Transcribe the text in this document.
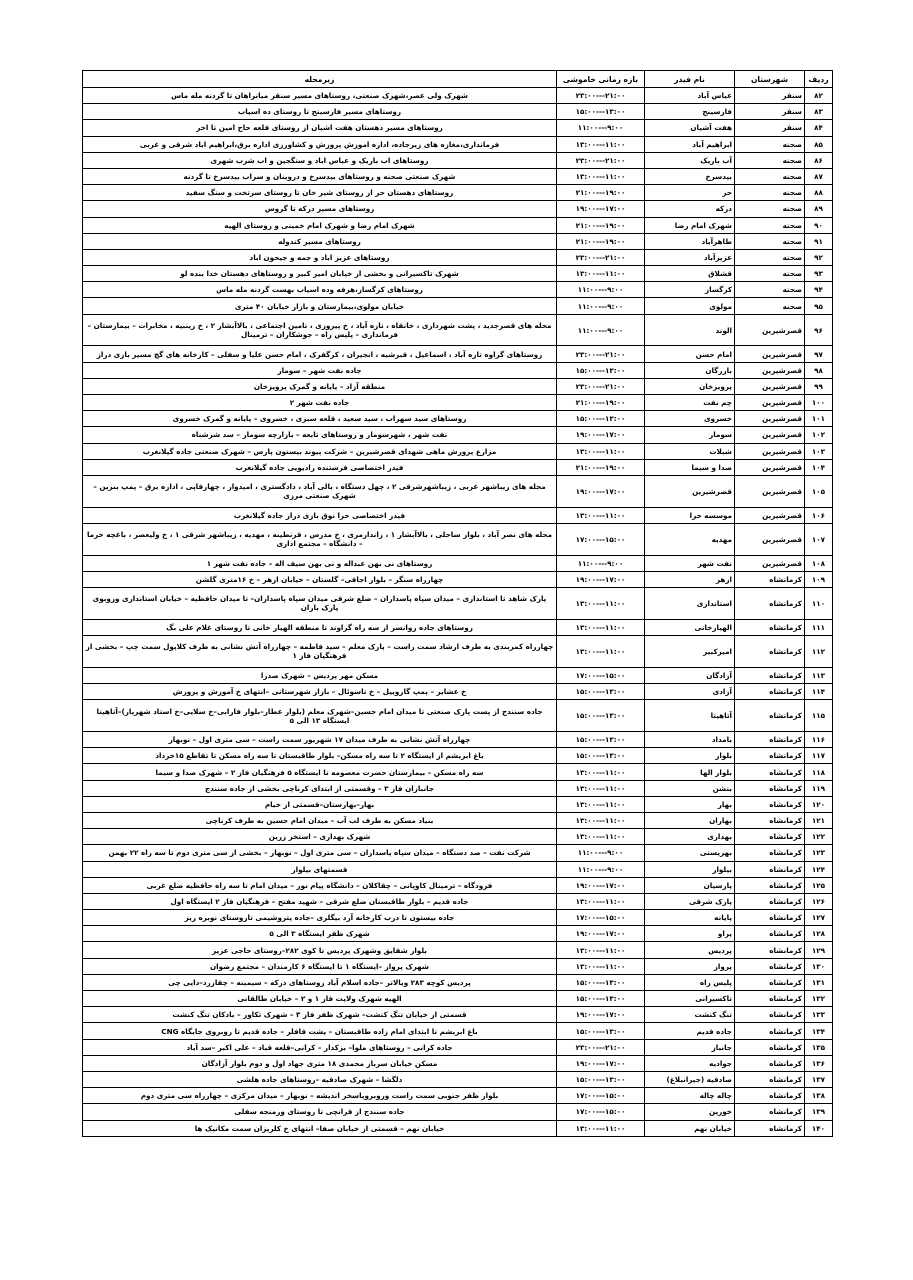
ردیف	شهرستان	نام فیدر	بازه زمانی خاموشی	زیرمحله
۸۲	سنقر	عباس آباد	۲۱:۰۰---۲۳:۰۰	شهرک ولی عصر،شهرک صنعتی، روستاهای مسیر سنقر میانراهان تا گردنه مله ماس
۸۳	سنقر	فارسینج	۱۳:۰۰---۱۵:۰۰	روستاهای مسیر فارسینج تا روستای ده اسیاب
۸۴	سنقر	هفت آشیان	۹:۰۰---۱۱:۰۰	روستاهای مسیر دهستان هفت اشیان از روستای قلعه حاج امین تا اخر
۸۵	صحنه	ابراهیم آباد	۱۱:۰۰---۱۳:۰۰	فرمانداری،مغازه های زیرجاده، اداره اموزش پرورش و کشاورزی اداره برق،ابراهیم اباد شرقی و غربی
۸۶	صحنه	آب باریک	۲۱:۰۰---۲۳:۰۰	روستاهای اب باریک و عباس اباد و سنگجین و اب شرب شهری
۸۷	صحنه	بیدسرخ	۱۱:۰۰---۱۳:۰۰	شهرک صنعتی صحنه و روستاهای بیدسرخ و دروینان و سراب بیدسرخ تا گردنه
۸۸	صحنه	حر	۱۹:۰۰---۲۱:۰۰	روستاهای دهستان حر از روستای شیر خان تا روستای سرتخت و سنگ سفید
۸۹	صحنه	درکه	۱۷:۰۰---۱۹:۰۰	روستاهای مسیر درکه تا گروس
۹۰	صحنه	شهرک امام رضا	۱۹:۰۰---۲۱:۰۰	شهرک امام رضا و شهرک امام خمینی و روستای الهیه
۹۱	صحنه	طاهرآباد	۱۹:۰۰---۲۱:۰۰	روستاهای مسیر کندوله
۹۲	صحنه	عزیزآباد	۲۱:۰۰---۲۳:۰۰	روستاهای عزیز اباد و جمه و جیحون اباد
۹۳	صحنه	قشلاق	۱۱:۰۰---۱۳:۰۰	شهرک تاکسیرانی و بخشی از خیابان امیر کبیر و روستاهای دهستان خدا بنده لو
۹۴	صحنه	کرگساز	۹:۰۰---۱۱:۰۰	روستاهای کرگساز،هرفه وده اسیاب بهست گردنه مله ماس
۹۵	صحنه	مولوی	۹:۰۰---۱۱:۰۰	خیابان مولوی،بیمارستان و بازار خیابان ۴۰ متری
۹۶	قصرشیرین	الوند	۹:۰۰---۱۱:۰۰	محله های قصرجدید ، پشت شهرداری ، خانقاه ، تازه آباد ، خ پیروزی ، تامین اجتماعی ، بالاآبشار ۲ ، خ زینبیه ، مخابرات – بیمارستان – فرمانداری – پلیس راه – جوشکاران – ترمینال
۹۷	قصرشیرین	امام حسن	۲۱:۰۰---۲۳:۰۰	روستاهای گراوه تازه آباد ، اسماعیل ، قبرشیه ، انجیران ، کرگفرک ، امام حسن علیا و سفلی – کارخانه های گچ مسیر بازی دراز
۹۸	قصرشیرین	بازرگان	۱۳:۰۰---۱۵:۰۰	جاده نفت شهر – سومار
۹۹	قصرشیرین	پرویزخان	۲۱:۰۰---۲۳:۰۰	منطقه آزاد – پایانه و گمرک پرویزخان
۱۰۰	قصرشیرین	چم نفت	۱۹:۰۰---۲۱:۰۰	جاده نفت شهر ۲
۱۰۱	قصرشیرین	خسروی	۱۳:۰۰---۱۵:۰۰	روستاهای سید سهراب ، سید سعید ، قلعه سبزی ، خسروی – پایانه و گمرک خسروی
۱۰۲	قصرشیرین	سومار	۱۷:۰۰---۱۹:۰۰	نفت شهر ، شهرسومار و روستاهای تابعه – بازارچه سومار – سد شرشناه
۱۰۳	قصرشیرین	شیلات	۱۱:۰۰---۱۳:۰۰	مزارع پرورش ماهی شهدای قصرشیرین – شرکت پیوند بیستون پارس – شهرک صنعتی جاده گیلانغرب
۱۰۴	قصرشیرین	صدا و سیما	۱۹:۰۰---۲۱:۰۰	فیدر اختصاصی فرستنده رادیویی جاده گیلانغرب
۱۰۵	قصرشیرین	قصرشیرین	۱۷:۰۰---۱۹:۰۰	محله های زیباشهر غربی ، زیباشهرشرقی ۲ ، چهل دستگاه ، بالی آباد ، دادگستری ، امیدوار ، چهارقاپی ، اداره برق – پمپ بنزین – شهرک صنعتی مرزی
۱۰۶	قصرشیرین	موسسه حرا	۱۱:۰۰---۱۳:۰۰	فیدر اختصاصی حرا نوق بازی دراز جاده گیلانغرب
۱۰۷	قصرشیرین	مهدیه	۱۵:۰۰---۱۷:۰۰	محله های نصر آباد ، بلوار ساحلی ، بالاآبشار ۱ ، زاندارمری ، خ مدرس ، قرنطینه ، مهدیه ، زیباشهر شرقی ۱ ، خ ولیعصر ، باغچه خرما – دانشگاه – مجتمع اداری
۱۰۸	قصرشیرین	نفت شهر	۹:۰۰---۱۱:۰۰	روستاهای نی بهن عبداله و نی بهن سیف اله – جاده نفت شهر ۱
۱۰۹	کرمانشاه	ازهر	۱۷:۰۰---۱۹:۰۰	چهارراه سنگر – بلوار اجاقی– گلستان – خیابان ازهر – خ ۱۶متری گلشن
۱۱۰	کرمانشاه	استانداری	۱۱:۰۰---۱۳:۰۰	پارک شاهد تا استانداری – میدان سپاه پاسداران – ضلع شرقی میدان سپاه پاسداران– تا میدان حافظیه – خیابان استانداری وروبوی پارک باران
۱۱۱	کرمانشاه	الهیارخانی	۱۱:۰۰---۱۳:۰۰	روستاهای جاده روانسر از سه راه گراوند تا منطقه الهیار خانی تا روستای غلام علی بگ
۱۱۲	کرمانشاه	امیرکبیر	۱۱:۰۰---۱۳:۰۰	چهارراه کمربندی به طرف ارشاد سمت راست – پارک معلم – سید فاطمه – چهارراه آتش نشانی به طرف کلاپول سمت چپ – بخشی از فرهنگیان فاز ۱
۱۱۳	کرمانشاه	آزادگان	۱۵:۰۰---۱۷:۰۰	مسکن مهر پردیس – شهرک صدرا
۱۱۴	کرمانشاه	آزادی	۱۳:۰۰---۱۵:۰۰	خ عشایر – پمپ گازوییل – خ تاسوئال – بازار شهرستانی –انتهای خ آموزش و پرورش
۱۱۵	کرمانشاه	آتاهیتا	۱۳:۰۰---۱۵:۰۰	جاده سنندج از پست پارک صنعتی تا میدان امام حسین–شهرک معلم (بلوار عطار–بلوار فارابی–خ سلایی–خ استاد شهریار)–آتاهیتا ایستگاه ۱۳ الی ۵
۱۱۶	کرمانشاه	بامداد	۱۳:۰۰---۱۵:۰۰	چهارراه آتش نشانی به طرف میدان ۱۷ شهریور سمت راست – سی متری اول – نوبهار
۱۱۷	کرمانشاه	بلوار	۱۳:۰۰---۱۵:۰۰	باغ ابریشم از ایستگاه ۲ تا سه راه مسکن– بلوار طاقبستان تا سه راه مسکن تا تقاطع ۱۵خرداد
۱۱۸	کرمانشاه	بلوار الها	۱۱:۰۰---۱۳:۰۰	سه راه مسکن – بیمارستان حضرت معصومه تا ایستگاه ۵ فرهنگیان فاز ۲ – شهرک صدا و سیما
۱۱۹	کرمانشاه	بنشن	۱۱:۰۰---۱۳:۰۰	جانبازان فاز ۳ – وقسمتی از ابتدای کرناچی بخشی از جاده سنندج
۱۲۰	کرمانشاه	بهار	۱۱:۰۰---۱۳:۰۰	بهار–بهارستان–قسمتی از خیام
۱۲۱	کرمانشاه	بهاران	۱۱:۰۰---۱۳:۰۰	بنیاد مسکن به طرف لب آب – میدان امام حسین به طرف کرناچی
۱۲۲	کرمانشاه	بهداری	۱۱:۰۰---۱۳:۰۰	شهرک بهداری – استخر زرین
۱۲۳	کرمانشاه	بهزیستی	۹:۰۰---۱۱:۰۰	شرکت نفت – صد دستگاه – میدان سپاه پاسداران – سی متری اول – نوبهار – بخشی از سی متری دوم تا سه راه ۲۲ بهمن
۱۲۴	کرمانشاه	بیلوار	۹:۰۰---۱۱:۰۰	قسمتهای بیلوار
۱۲۵	کرمانشاه	پارسیان	۱۷:۰۰---۱۹:۰۰	فرودگاه – ترمینال کاوپانی – چقاکلان – دانشگاه پیام نور – میدان امام تا سه راه حافظیه ضلع غربی
۱۲۶	کرمانشاه	پارک شرقی	۱۱:۰۰---۱۳:۰۰	جاده قدیم – بلوار طاقبستان ضلع شرقی – شهید مفتح – فرهنگیان فاز ۲ ایستگاه اول
۱۲۷	کرمانشاه	پایانه	۱۵:۰۰---۱۷:۰۰	جاده بیستون تا درب کارخانه آرد بیگلری –جاده پتروشیمی تاروستای نوبره ریز
۱۲۸	کرمانشاه	پراو	۱۷:۰۰---۱۹:۰۰	شهرک ظفر ایستگاه ۳ الی ۵
۱۲۹	کرمانشاه	پردیس	۱۱:۰۰---۱۳:۰۰	بلوار شقایق وشهرک پردیس تا کوی ۲۸۲–روستای حاجی عزیز
۱۳۰	کرمانشاه	پرواز	۱۱:۰۰---۱۳:۰۰	شهرک پرواز –ایستگاه ۱ تا ایستگاه ۶ کارمندان – مجتمع رضوان
۱۳۱	کرمانشاه	پلیس راه	۱۳:۰۰---۱۵:۰۰	پردیس کوچه ۲۸۳ وبالاتر –جاده اسلام آباد روستاهای درکه – سیمینه – چقازرد–دایی چی
۱۳۲	کرمانشاه	تاکسیرانی	۱۳:۰۰---۱۵:۰۰	الهیه شهرک ولایت فاز ۱ و ۲ – خیابان طالقانی
۱۳۳	کرمانشاه	تنگ کنشت	۱۷:۰۰---۱۹:۰۰	قسمتی از خیابان تنگ کنشت– شهرک ظفر فاز ۳ – شهرک تکاور – بادکان تنگ کنشت
۱۳۴	کرمانشاه	جاده قدیم	۱۳:۰۰---۱۵:۰۰	باغ ابریشم تا ابتدای امام زاده طاقبستان – پشت قافلر – جاده قدیم تا روبروی جایگاه CNG
۱۳۵	کرمانشاه	جانباز	۲۱:۰۰---۲۳:۰۰	جاده کرانی – روستاهای ملوا– بزکدار – کرانی–قلعه قباد – علی اکبر –سد آباد
۱۳۶	کرمانشاه	جوادیه	۱۷:۰۰---۱۹:۰۰	مسکن خیابان سرباز محمدی ۱۸ متری جهاد اول و دوم بلوار آزادگان
۱۳۷	کرمانشاه	صادقیه (جیرانبلاغ)	۱۳:۰۰---۱۵:۰۰	دلگشا – شهرک صادقیه –روستاهای جاده هلشی
۱۳۸	کرمانشاه	چاله چاله	۱۵:۰۰---۱۷:۰۰	بلوار ظفر جنوبی سمت راست وروبروپاسخر اندیشه – نوبهار – میدان مرکزی – چهارراه سی متری دوم
۱۳۹	کرمانشاه	خورین	۱۵:۰۰---۱۷:۰۰	جاده سنندج از قرانچی تا روستای ورمنجه سفلی
۱۴۰	کرمانشاه	خیابان نهم	۱۱:۰۰---۱۳:۰۰	خیابان نهم – قسمتی از خیابان صفا– انتهای خ کلریزان سمت مکانیک ها
